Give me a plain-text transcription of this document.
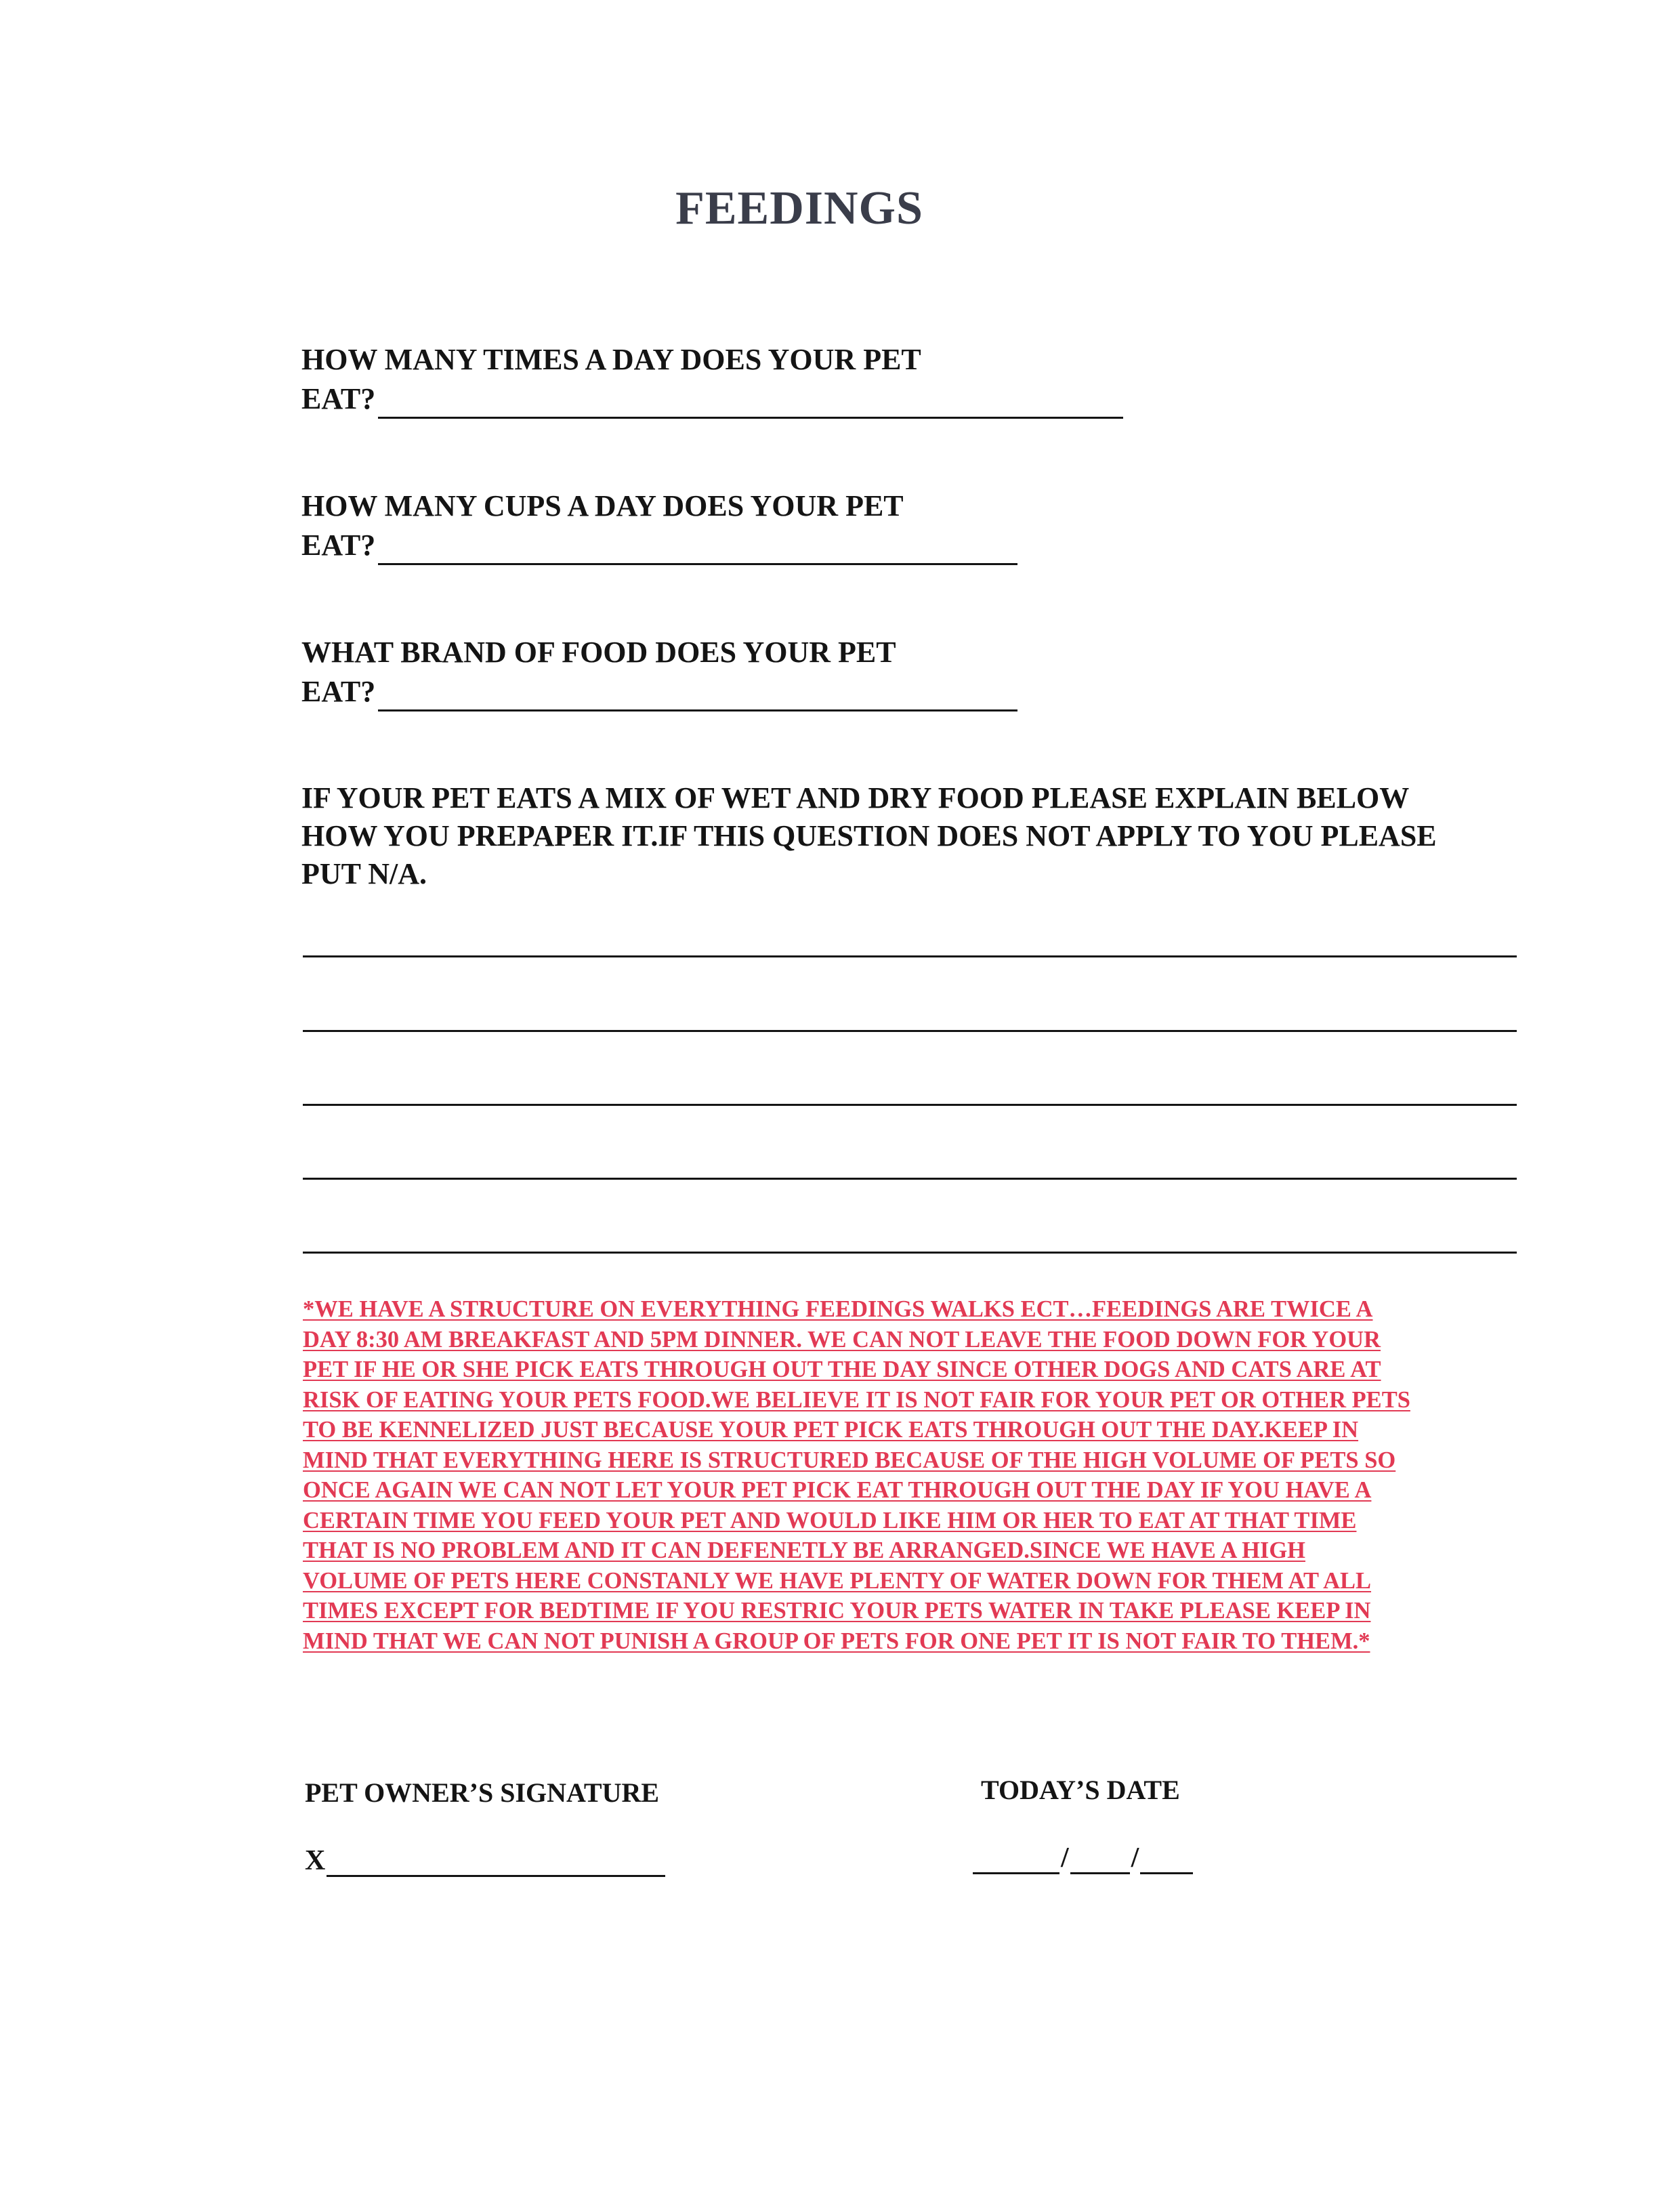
FEEDINGS
HOW MANY TIMES A DAY DOES YOUR PET
EAT?
HOW MANY CUPS A DAY DOES YOUR PET
EAT?
WHAT BRAND OF FOOD DOES YOUR PET
EAT?
IF YOUR PET EATS A MIX OF WET AND DRY FOOD PLEASE EXPLAIN BELOW
HOW YOU PREPAPER IT.IF THIS QUESTION DOES NOT APPLY TO YOU PLEASE
PUT N/A.
*WE HAVE A STRUCTURE ON EVERYTHING FEEDINGS WALKS ECT…FEEDINGS ARE TWICE A
DAY 8:30 AM BREAKFAST AND 5PM DINNER. WE CAN NOT LEAVE THE FOOD DOWN FOR YOUR
PET IF HE OR SHE PICK EATS THROUGH OUT THE DAY SINCE OTHER DOGS AND CATS ARE AT
RISK OF EATING YOUR PETS FOOD.WE BELIEVE IT IS NOT FAIR FOR YOUR PET OR OTHER PETS
TO BE KENNELIZED JUST BECAUSE YOUR PET PICK EATS THROUGH OUT THE DAY.KEEP IN
MIND THAT EVERYTHING HERE IS STRUCTURED BECAUSE OF THE HIGH VOLUME OF PETS SO
ONCE AGAIN WE CAN NOT LET YOUR PET PICK EAT THROUGH OUT THE DAY IF YOU HAVE A
CERTAIN TIME YOU FEED YOUR PET AND WOULD LIKE HIM OR HER TO EAT AT THAT TIME
THAT IS NO PROBLEM AND IT CAN DEFENETLY BE ARRANGED.SINCE WE HAVE A HIGH
VOLUME OF PETS HERE CONSTANLY WE HAVE PLENTY OF WATER DOWN FOR THEM AT ALL
TIMES EXCEPT FOR BEDTIME IF YOU RESTRIC YOUR PETS WATER IN TAKE PLEASE KEEP IN
MIND THAT WE CAN NOT PUNISH A GROUP OF PETS FOR ONE PET IT IS NOT FAIR TO THEM.*
PET OWNER’S SIGNATURE
X
TODAY’S DATE
/ /
